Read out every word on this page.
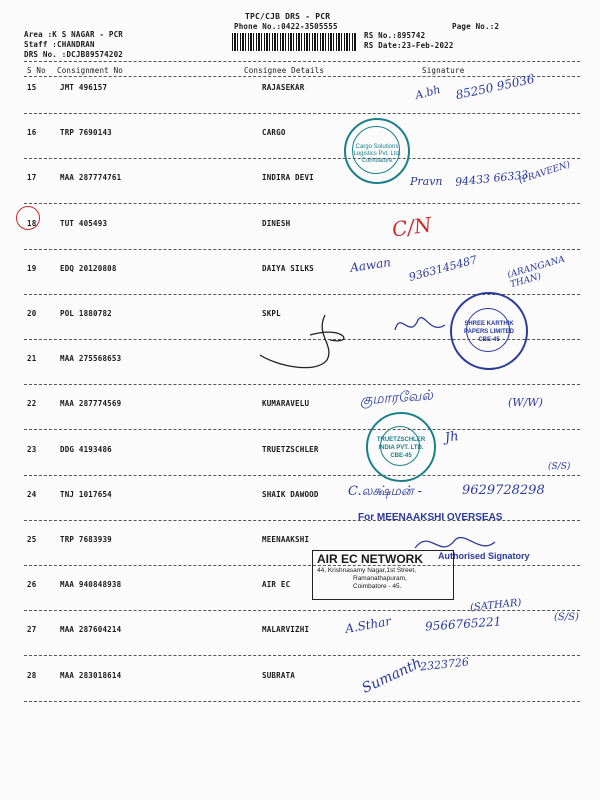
TPC/CJB DRS - PCR
Phone No.:0422-3505555	Page No.:2
Area :K S NAGAR - PCR
Staff :CHANDRAN
DRS No. :DCJB89574202
RS No.:895742
RS Date:23-Feb-2022
S No Consignment No	Consignee Details	Signature
15	JMT 496157	RAJASEKAR
16	TRP 7690143	CARGO
17	MAA 287774761	INDIRA DEVI
18	TUT 405493	DINESH
19	EDQ 20120808	DAIYA SILKS
20	POL 1880782	SKPL
21	MAA 275568653
22	MAA 287774569	KUMARAVELU
23	DDG 4193486	TRUETZSCHLER
24	TNJ 1017654	SHAIK DAWOOD
25	TRP 7683939	MEENAAKSHI
26	MAA 940848938	AIR EC
27	MAA 287604214	MALARVIZHI
28	MAA 283018614	SUBRATA
A.bh 85250 95036
Pravn 94433 66333
(PRAVEEN)
C/N
Aawan 9363145487	(ARANGANA THAN)
குமாரவேல்	(W/W)
Jh
(S/S)
C.லக்ஷ்மன் -	9629728298
(SATHAR)
A.Sthar	9566765221	(S/S)
Sumanth
2323726
Cargo Solutions Logistics Pvt. Ltd. Coimbatore
SHREE KARTHIK PAPERS LIMITED CBE-45
TRUETZSCHLER INDIA PVT. LTD. CBE-45
For MEENAAKSHI OVERSEAS
Authorised Signatory
AIR EC NETWORK
44, Krishnasamy Nagar,1st Street,
Ramanathapuram,
Coimbatore - 45.
